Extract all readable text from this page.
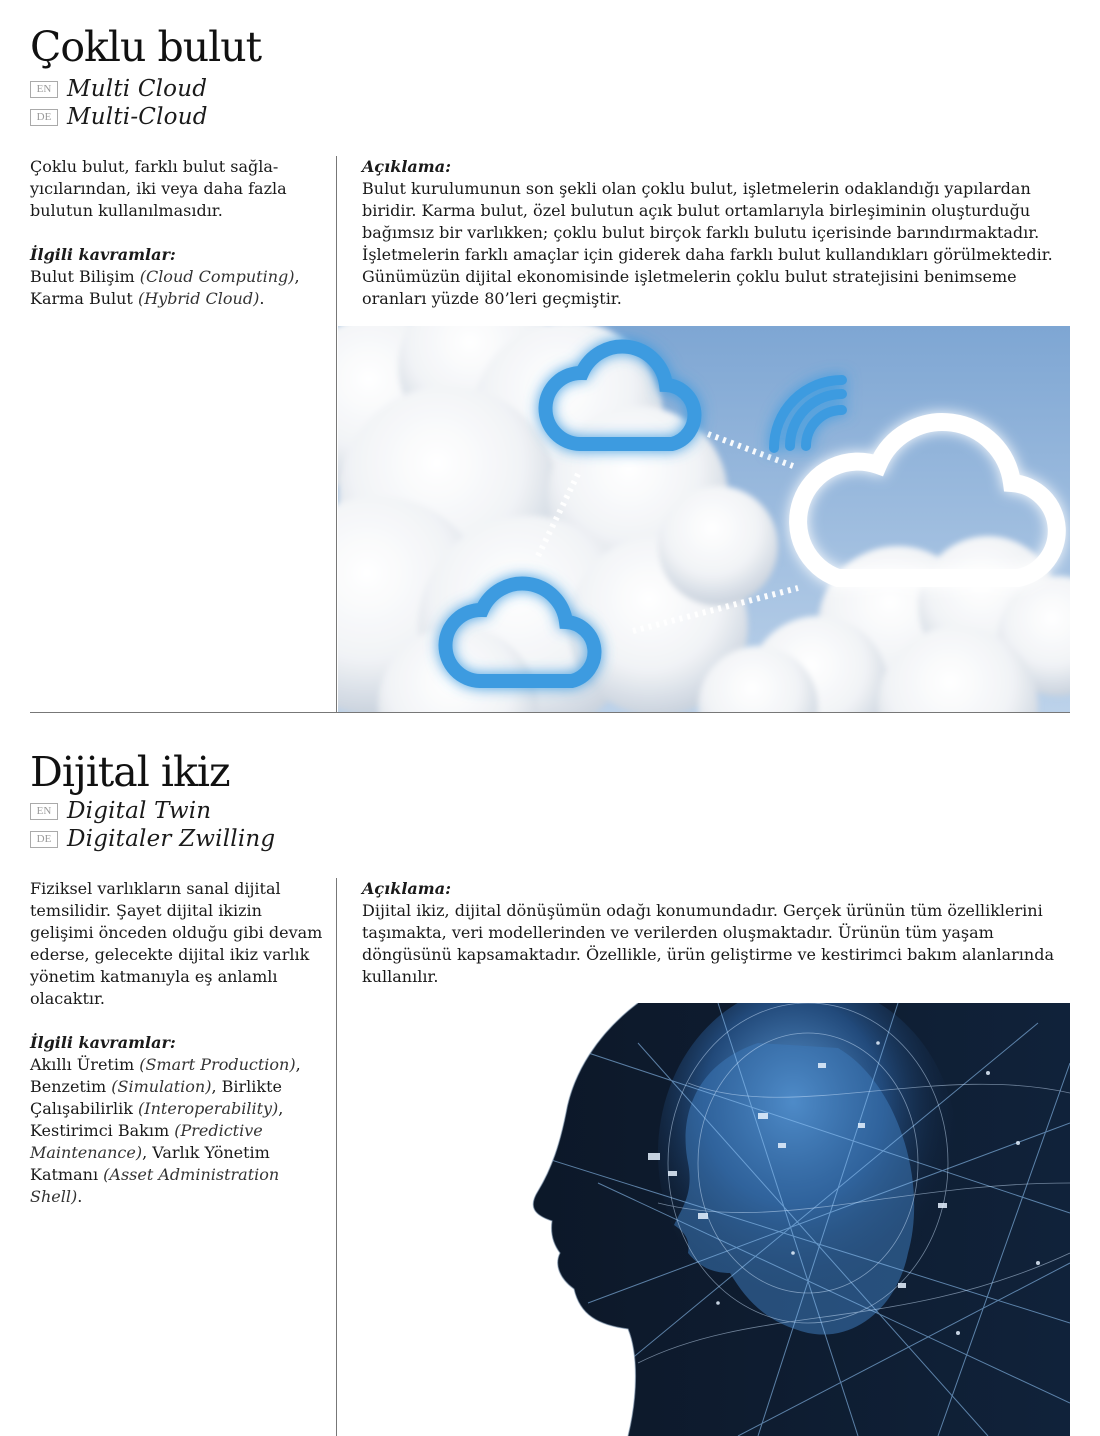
Çoklu bulut
EN Multi Cloud
DE Multi-Cloud

Çoklu bulut, farklı bulut sağla-yıcılarından, iki veya daha fazla bulutun kullanılmasıdır.

İlgili kavramlar:

Bulut Bilişim (Cloud Computing), Karma Bulut (Hybrid Cloud).

Açıklama:

Bulut kurulumunun son şekli olan çoklu bulut, işletmelerin odaklandığı yapılardan biridir. Karma bulut, özel bulutun açık bulut ortamlarıyla birleşiminin oluşturduğu bağımsız bir varlıkken; çoklu bulut birçok farklı bulutu içerisinde barındırmaktadır. İşletmelerin farklı amaçlar için giderek daha farklı bulut kullandıkları görülmektedir. Günümüzün dijital ekonomisinde işletmelerin çoklu bulut stratejisini benimseme oranları yüzde 80’leri geçmiştir.

Dijital ikiz
EN Digital Twin
DE Digitaler Zwilling

Fiziksel varlıkların sanal dijital temsilidir. Şayet dijital ikizin gelişimi önceden olduğu gibi devam ederse, gelecekte dijital ikiz varlık yönetim katmanıyla eş anlamlı olacaktır.

İlgili kavramlar:

Akıllı Üretim (Smart Production), Benzetim (Simulation), Birlikte Çalışabilirlik (Interoperability), Kestirimci Bakım (Predictive Maintenance), Varlık Yönetim Katmanı (Asset Administration Shell).

Açıklama:

Dijital ikiz, dijital dönüşümün odağı konumundadır. Gerçek ürünün tüm özelliklerini taşımakta, veri modellerinden ve verilerden oluşmaktadır. Ürünün tüm yaşam döngüsünü kapsamaktadır. Özellikle, ürün geliştirme ve kestirimci bakım alanlarında kullanılır.
